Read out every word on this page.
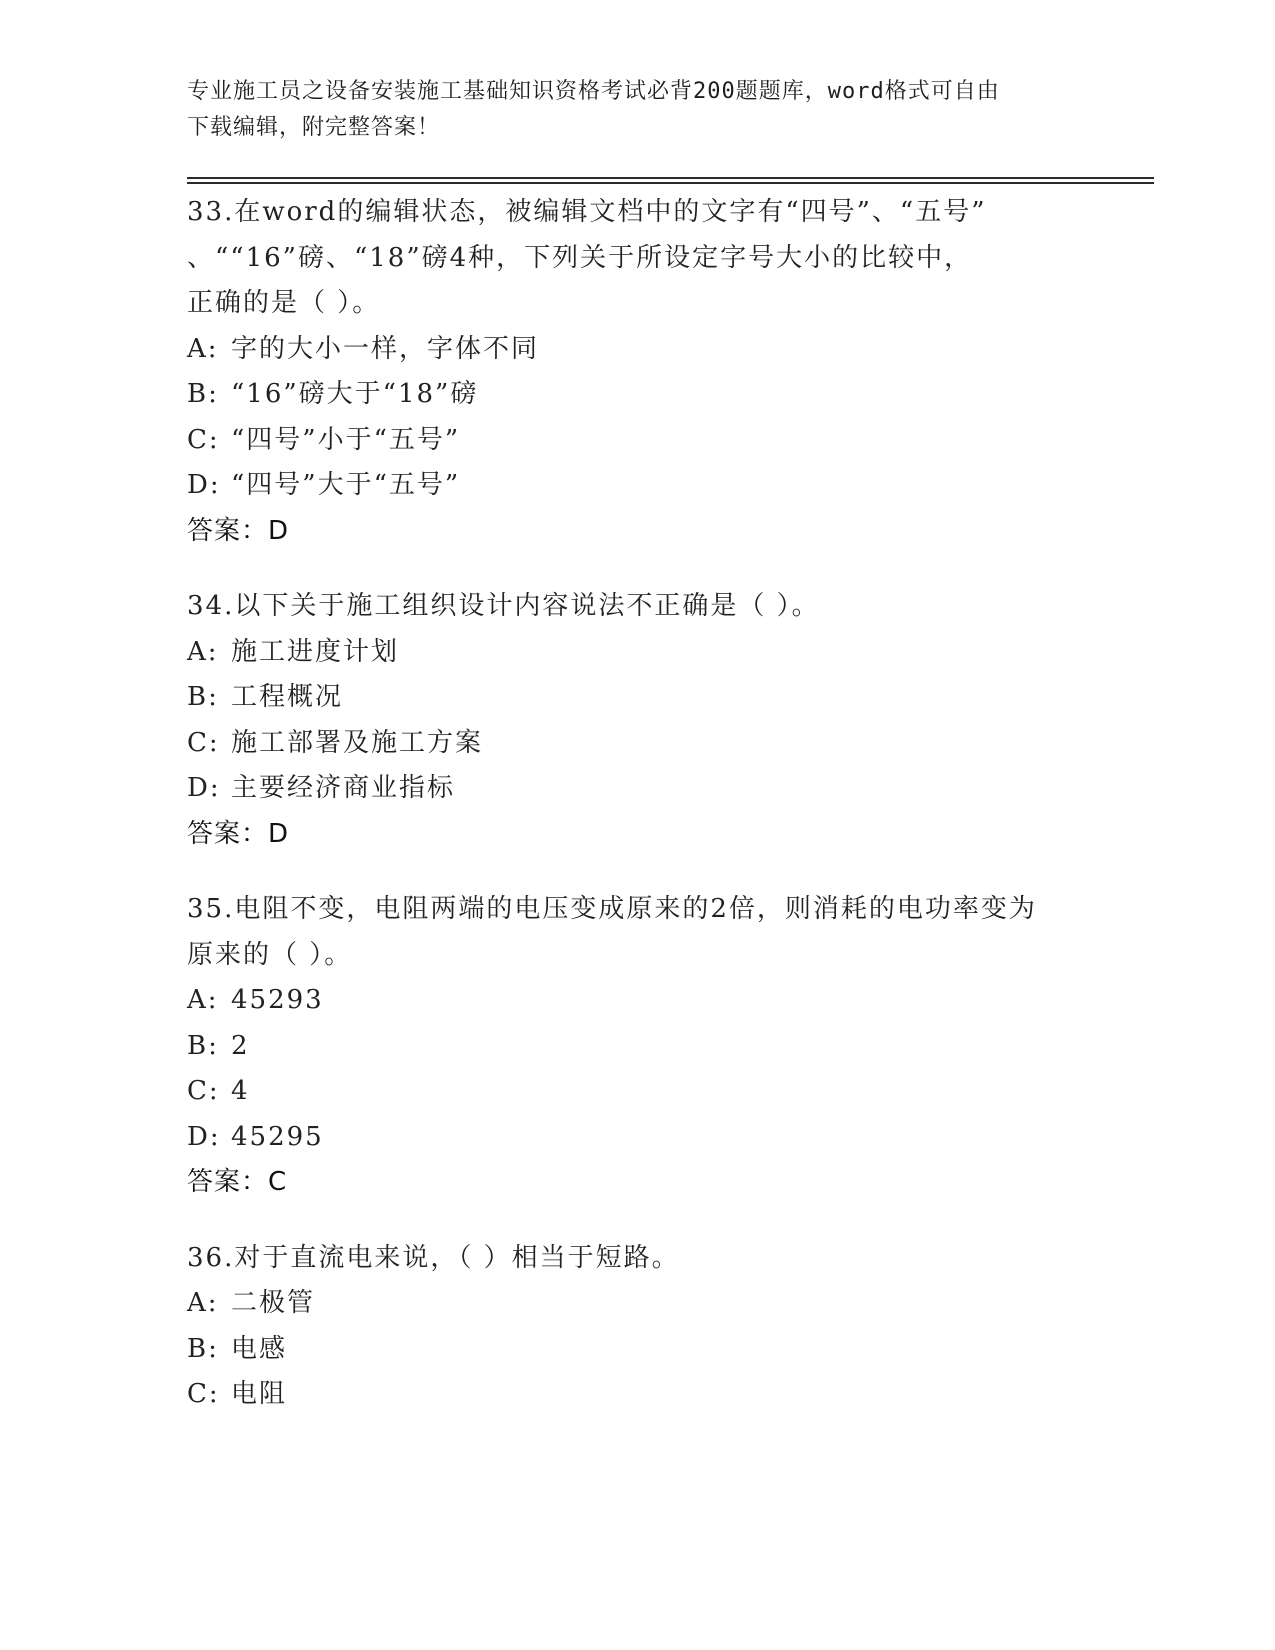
专业施工员之设备安装施工基础知识资格考试必背200题题库，word格式可自由
下载编辑，附完整答案！
33.在word的编辑状态，被编辑文档中的文字有“四号”、“五号”
、““16”磅、“18”磅4种，下列关于所设定字号大小的比较中，
正确的是（ ）。
A: 字的大小一样，字体不同
B: “16”磅大于“18”磅
C: “四号”小于“五号”
D: “四号”大于“五号”
答案：D
34.以下关于施工组织设计内容说法不正确是（ ）。
A: 施工进度计划
B: 工程概况
C: 施工部署及施工方案
D: 主要经济商业指标
答案：D
35.电阻不变，电阻两端的电压变成原来的2倍，则消耗的电功率变为
原来的（ ）。
A: 45293
B: 2
C: 4
D: 45295
答案：C
36.对于直流电来说，（ ）相当于短路。
A: 二极管
B: 电感
C: 电阻
